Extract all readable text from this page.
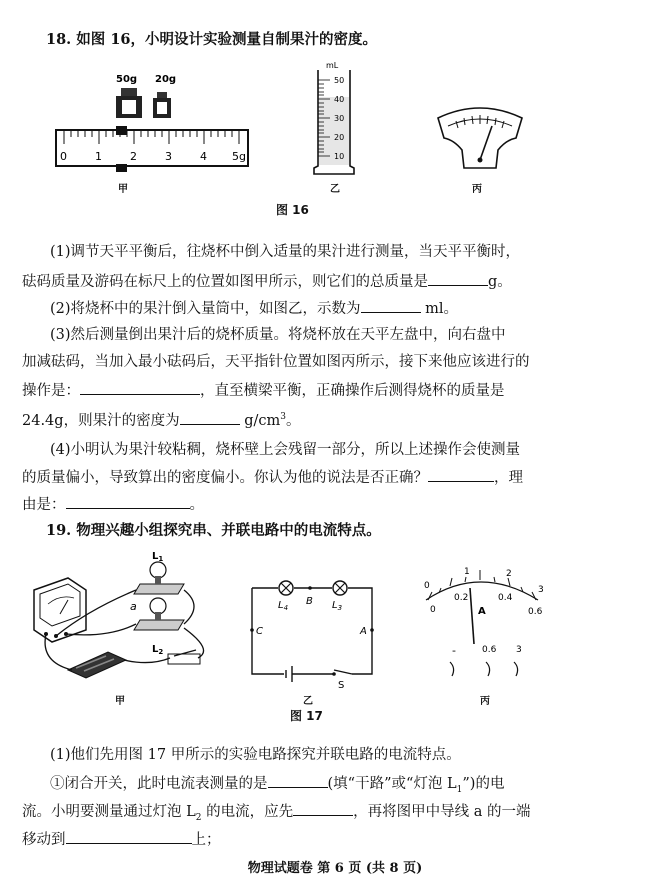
18. 如图 16，小明设计实验测量自制果汁的密度。
50g 20g
0	1	2	3	4 5g
甲
mL
50
40
30
20
10
乙	丙
图 16
(1)调节天平平衡后，往烧杯中倒入适量的果汁进行测量，当天平平衡时，
砝码质量及游码在标尺上的位置如图甲所示，则它们的总质量是	g。
(2)将烧杯中的果汁倒入量筒中，如图乙，示数为	ml。
(3)然后测量倒出果汁后的烧杯质量。将烧杯放在天平左盘中，向右盘中
加减砝码，当加入最小砝码后，天平指针位置如图丙所示，接下来他应该进行的
操作是：	，直至横梁平衡，正确操作后测得烧杯的质量是
24.4g，则果汁的密度为	$g/cm^3$。
(4)小明认为果汁较粘稠，烧杯壁上会残留一部分，所以上述操作会使测量
的质量偏小，导致算出的密度偏小。你认为他的说法是否正确？	，理
由是：	。
19. 物理兴趣小组探究串、并联电路中的电流特点。
$L_1$
$L_2$
a
甲
$L_4$
B $L_3$
C	A
S
乙
0
1	2
3
0
0.2	0.4
0.6
A
-	0.6 3
丙
图 17
(1)他们先用图 17 甲所示的实验电路探究并联电路的电流特点。
①闭合开关，此时电流表测量的是	(填“干路”或“灯泡 $L_1$”)的电
流。小明要测量通过灯泡 $L_2$ 的电流，应先	，再将图甲中导线 a 的一端
移动到	上；
物理试题卷 第 6 页 (共 8 页)
